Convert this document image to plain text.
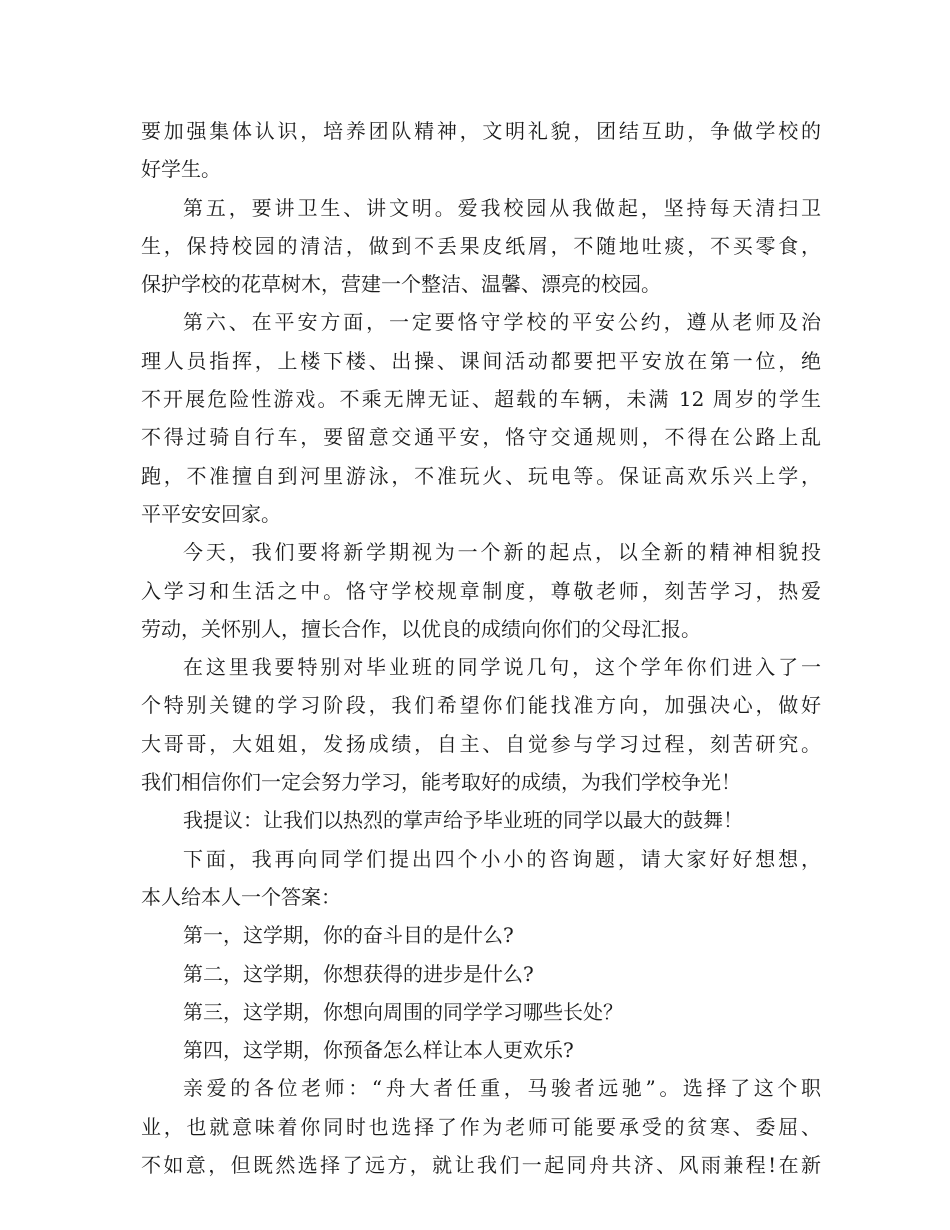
要加强集体认识，培养团队精神，文明礼貌，团结互助，争做学校的
好学生。
第五，要讲卫生、讲文明。爱我校园从我做起，坚持每天清扫卫
生，保持校园的清洁，做到不丢果皮纸屑，不随地吐痰，不买零食，
保护学校的花草树木，营建一个整洁、温馨、漂亮的校园。
第六、在平安方面，一定要恪守学校的平安公约，遵从老师及治
理人员指挥，上楼下楼、出操、课间活动都要把平安放在第一位，绝
不开展危险性游戏。不乘无牌无证、超载的车辆，未满 12 周岁的学生
不得过骑自行车，要留意交通平安，恪守交通规则，不得在公路上乱
跑，不准擅自到河里游泳，不准玩火、玩电等。保证高欢乐兴上学，
平平安安回家。
今天，我们要将新学期视为一个新的起点，以全新的精神相貌投
入学习和生活之中。恪守学校规章制度，尊敬老师，刻苦学习，热爱
劳动，关怀别人，擅长合作，以优良的成绩向你们的父母汇报。
在这里我要特别对毕业班的同学说几句，这个学年你们进入了一
个特别关键的学习阶段，我们希望你们能找准方向，加强决心，做好
大哥哥，大姐姐，发扬成绩，自主、自觉参与学习过程，刻苦研究。
我们相信你们一定会努力学习，能考取好的成绩，为我们学校争光！
我提议：让我们以热烈的掌声给予毕业班的同学以最大的鼓舞！
下面，我再向同学们提出四个小小的咨询题，请大家好好想想，
本人给本人一个答案：
第一，这学期，你的奋斗目的是什么?
第二，这学期，你想获得的进步是什么?
第三，这学期，你想向周围的同学学习哪些长处？
第四，这学期，你预备怎么样让本人更欢乐?
亲爱的各位老师：“舟大者任重，马骏者远驰”。选择了这个职
业，也就意味着你同时也选择了作为老师可能要承受的贫寒、委屈、
不如意，但既然选择了远方，就让我们一起同舟共济、风雨兼程!在新
